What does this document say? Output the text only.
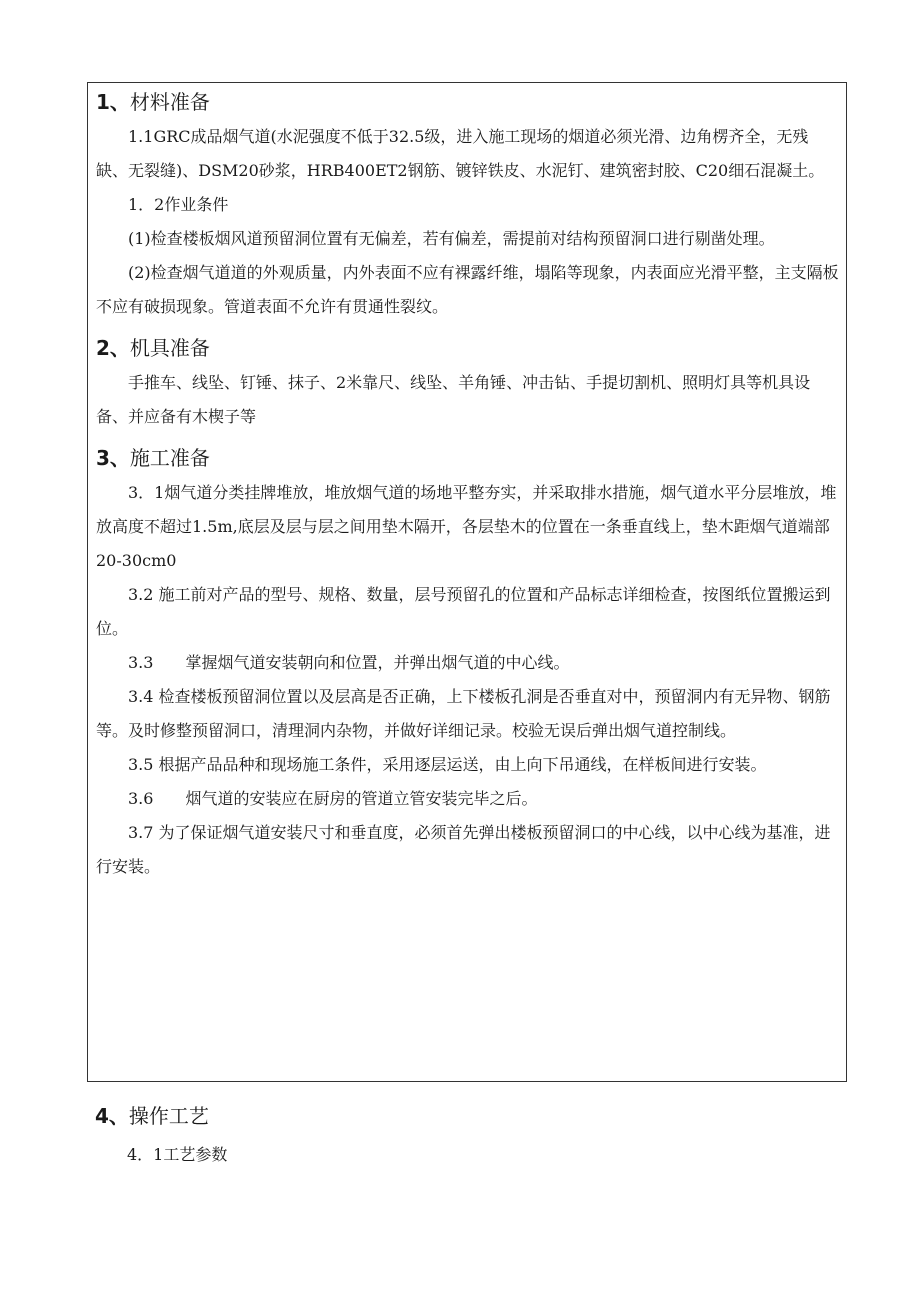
1、材料准备

1.1GRC成品烟气道(水泥强度不低于32.5级，进入施工现场的烟道必须光滑、边角楞齐全，无残缺、无裂缝)、DSM20砂浆，HRB400ET2钢筋、镀锌铁皮、水泥钉、建筑密封胶、C20细石混凝土。

1．2作业条件

(1)检查楼板烟风道预留洞位置有无偏差，若有偏差，需提前对结构预留洞口进行剔凿处理。

(2)检查烟气道道的外观质量，内外表面不应有裸露纤维，塌陷等现象，内表面应光滑平整，主支隔板不应有破损现象。管道表面不允许有贯通性裂纹。

2、机具准备

手推车、线坠、钉锤、抹子、2米靠尺、线坠、羊角锤、冲击钻、手提切割机、照明灯具等机具设备、并应备有木楔子等

3、施工准备

3．1烟气道分类挂牌堆放，堆放烟气道的场地平整夯实，并采取排水措施，烟气道水平分层堆放，堆放高度不超过1.5m,底层及层与层之间用垫木隔开，各层垫木的位置在一条垂直线上，垫木距烟气道端部20-30cm0

3.2 施工前对产品的型号、规格、数量，层号预留孔的位置和产品标志详细检查，按图纸位置搬运到位。

3.3　　掌握烟气道安装朝向和位置，并弹出烟气道的中心线。

3.4 检查楼板预留洞位置以及层高是否正确，上下楼板孔洞是否垂直对中，预留洞内有无异物、钢筋等。及时修整预留洞口，清理洞内杂物，并做好详细记录。校验无误后弹出烟气道控制线。

3.5 根据产品品种和现场施工条件，采用逐层运送，由上向下吊通线，在样板间进行安装。

3.6　　烟气道的安装应在厨房的管道立管安装完毕之后。

3.7 为了保证烟气道安装尺寸和垂直度，必须首先弹出楼板预留洞口的中心线，以中心线为基准，进行安装。

4、操作工艺

4．1工艺参数
